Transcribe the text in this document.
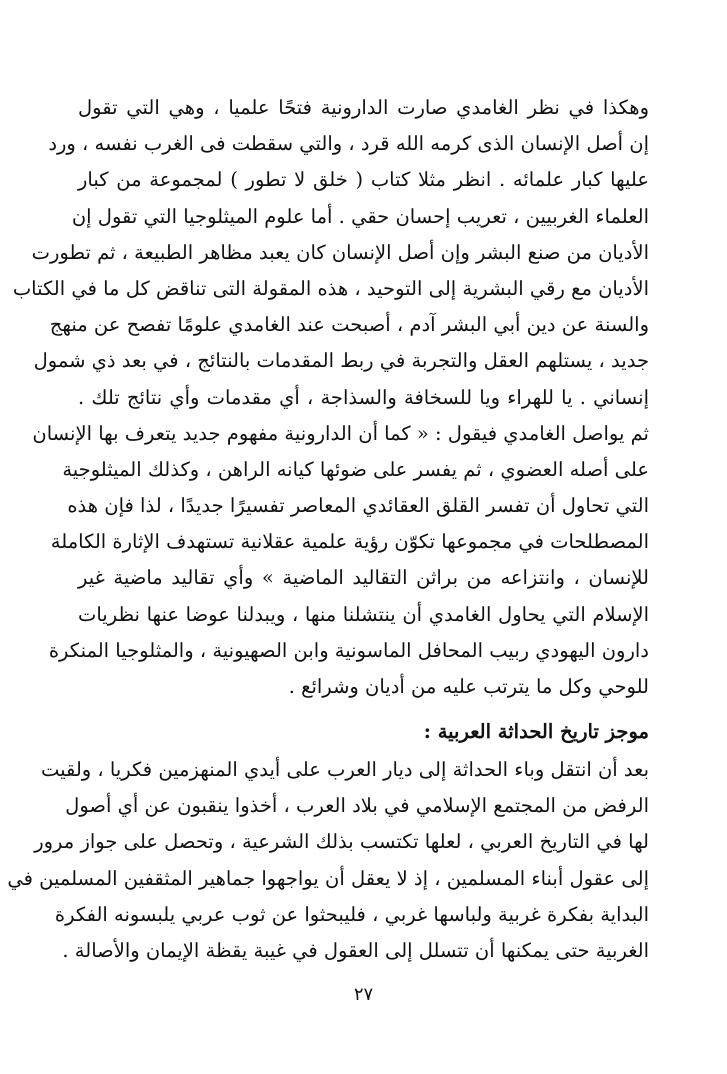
وهكذا في نظر الغامدي صارت الدارونية فتحًا علميا ، وهي التي تقول
إن أصل الإنسان الذى كرمه الله قرد ، والتي سقطت فى الغرب نفسه ، ورد
عليها كبار علمائه . انظر مثلا كتاب ( خلق لا تطور ) لمجموعة من كبار
العلماء الغربيين ، تعريب إحسان حقي . أما علوم الميثلوجيا التي تقول إن
الأديان من صنع البشر وإن أصل الإنسان كان يعبد مظاهر الطبيعة ، ثم تطورت
الأديان مع رقي البشرية إلى التوحيد ، هذه المقولة التى تناقض كل ما في الكتاب
والسنة عن دين أبي البشر آدم ، أصبحت عند الغامدي علومًا تفصح عن منهج
جديد ، يستلهم العقل والتجربة في ربط المقدمات بالنتائج ، في بعد ذي شمول
إنساني . يا للهراء ويا للسخافة والسذاجة ، أي مقدمات وأي نتائج تلك .
ثم يواصل الغامدي فيقول : « كما أن الدارونية مفهوم جديد يتعرف بها الإنسان
على أصله العضوي ، ثم يفسر على ضوئها كيانه الراهن ، وكذلك الميثلوجية
التي تحاول أن تفسر القلق العقائدي المعاصر تفسيرًا جديدًا ، لذا فإن هذه
المصطلحات في مجموعها تكوّن رؤية علمية عقلانية تستهدف الإثارة الكاملة
للإنسان ، وانتزاعه من براثن التقاليد الماضية » وأي تقاليد ماضية غير
الإسلام التي يحاول الغامدي أن ينتشلنا منها ، ويبدلنا عوضا عنها نظريات
دارون اليهودي ربيب المحافل الماسونية وابن الصهيونية ، والمثلوجيا المنكرة
للوحي وكل ما يترتب عليه من أديان وشرائع .
موجز تاريخ الحداثة العربية :
بعد أن انتقل وباء الحداثة إلى ديار العرب على أيدي المنهزمين فكريا ، ولقيت
الرفض من المجتمع الإسلامي في بلاد العرب ، أخذوا ينقبون عن أي أصول
لها في التاريخ العربي ، لعلها تكتسب بذلك الشرعية ، وتحصل على جواز مرور
إلى عقول أبناء المسلمين ، إذ لا يعقل أن يواجهوا جماهير المثقفين المسلمين في
البداية بفكرة غربية ولباسها غربي ، فليبحثوا عن ثوب عربي يلبسونه الفكرة
الغربية حتى يمكنها أن تتسلل إلى العقول في غيبة يقظة الإيمان والأصالة .
٢٧
